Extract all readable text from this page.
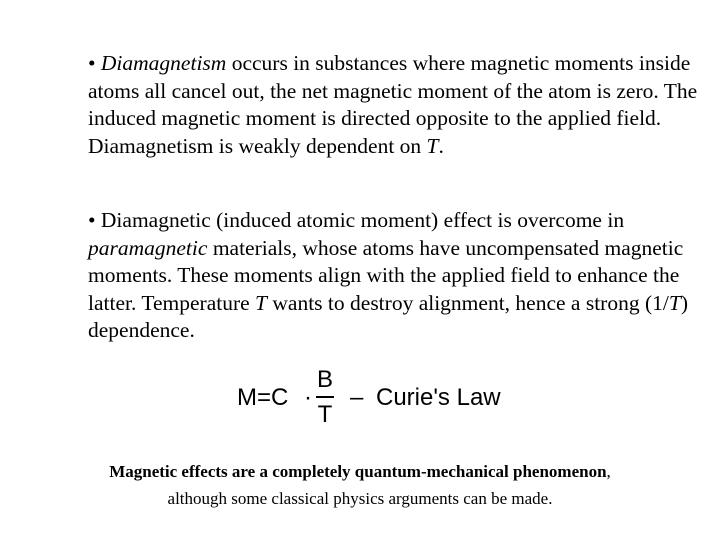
• Diamagnetism occurs in substances where magnetic moments inside atoms all cancel out, the net magnetic moment of the atom is zero. The induced magnetic moment is directed opposite to the applied field. Diamagnetism is weakly dependent on T.

• Diamagnetic (induced atomic moment) effect is overcome in paramagnetic materials, whose atoms have uncompensated magnetic moments. These moments align with the applied field to enhance the latter. Temperature T wants to destroy alignment, hence a strong (1/T) dependence.

M=C ·
B
T
– Curie's Law

Magnetic effects are a completely quantum-mechanical phenomenon,
although some classical physics arguments can be made.
